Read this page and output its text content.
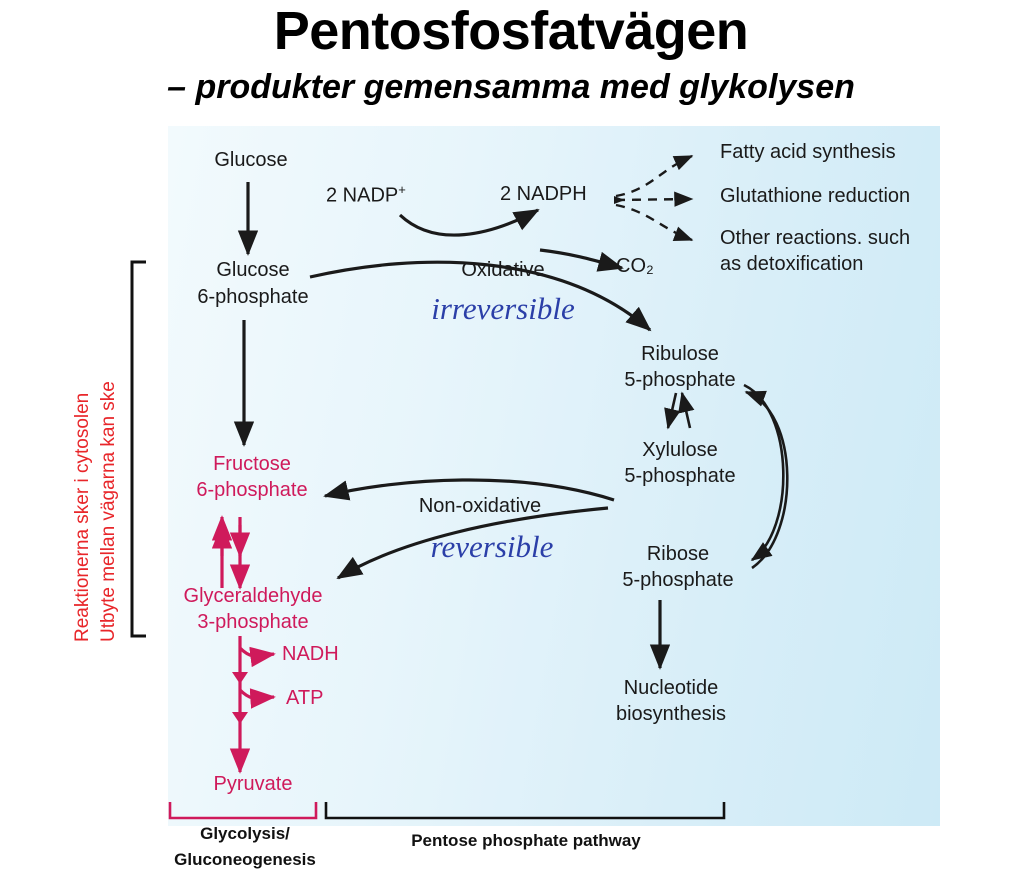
Pentosfosfatvägen
– produkter gemensamma med glykolysen
Reaktionerna sker i cytosolen Utbyte mellan vägarna kan ske
Glucose
Glucose
6-phosphate
2 NADP+	2 NADPH
CO₂
Fatty acid synthesis
Glutathione reduction
Other reactions. such
as detoxification
Ribulose
5-phosphate
Xylulose
5-phosphate
Ribose
5-phosphate
Nucleotide
biosynthesis
Fructose
6-phosphate
Glyceraldehyde
3-phosphate
NADH
ATP
Pyruvate
Oxidative
irreversible
Non-oxidative
reversible
Glycolysis/
Gluconeogenesis
Pentose phosphate pathway
